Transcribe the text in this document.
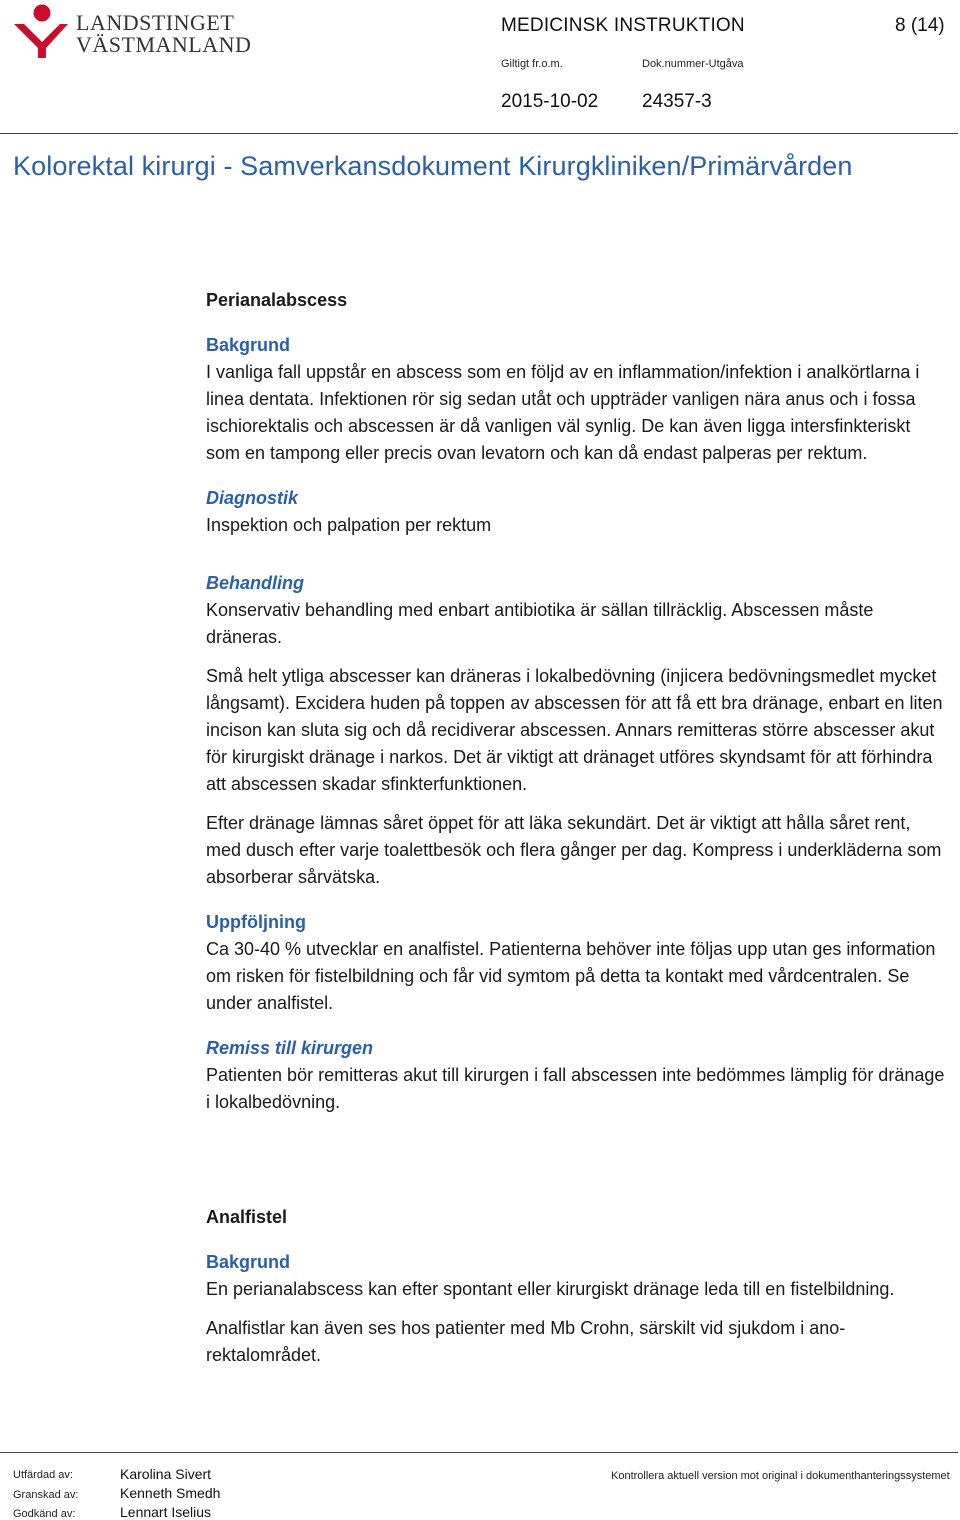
LANDSTINGET
VÄSTMANLAND
MEDICINSK INSTRUKTION	8 (14)
Giltigt fr.o.m.	Dok.nummer-Utgåva
2015-10-02 24357-3
Kolorektal kirurgi - Samverkansdokument Kirurgkliniken/Primärvården

Perianalabscess

Bakgrund

I vanliga fall uppstår en abscess som en följd av en inflammation/infektion i analkörtlarna i linea dentata. Infektionen rör sig sedan utåt och uppträder vanligen nära anus och i fossa ischiorektalis och abscessen är då vanligen väl synlig. De kan även ligga intersfinkteriskt som en tampong eller precis ovan levatorn och kan då endast palperas per rektum.

Diagnostik

Inspektion och palpation per rektum

Behandling

Konservativ behandling med enbart antibiotika är sällan tillräcklig. Abscessen måste dräneras.

Små helt ytliga abscesser kan dräneras i lokalbedövning (injicera bedövningsmedlet mycket långsamt). Excidera huden på toppen av abscessen för att få ett bra dränage, enbart en liten incison kan sluta sig och då recidiverar abscessen. Annars remitteras större abscesser akut för kirurgiskt dränage i narkos. Det är viktigt att dränaget utföres skyndsamt för att förhindra att abscessen skadar sfinkterfunktionen.

Efter dränage lämnas såret öppet för att läka sekundärt. Det är viktigt att hålla såret rent, med dusch efter varje toalettbesök och flera gånger per dag. Kompress i underkläderna som absorberar sårvätska.

Uppföljning

Ca 30-40 % utvecklar en analfistel. Patienterna behöver inte följas upp utan ges information om risken för fistelbildning och får vid symtom på detta ta kontakt med vårdcentralen. Se under analfistel.

Remiss till kirurgen

Patienten bör remitteras akut till kirurgen i fall abscessen inte bedömmes lämplig för dränage i lokalbedövning.

Analfistel

Bakgrund

En perianalabscess kan efter spontant eller kirurgiskt dränage leda till en fistelbildning.

Analfistlar kan även ses hos patienter med Mb Crohn, särskilt vid sjukdom i ano-rektalområdet.

Utfärdad av:	Karolina Sivert
Granskad av:	Kenneth Smedh
Godkänd av:	Lennart Iselius
Kontrollera aktuell version mot original i dokumenthanteringssystemet
